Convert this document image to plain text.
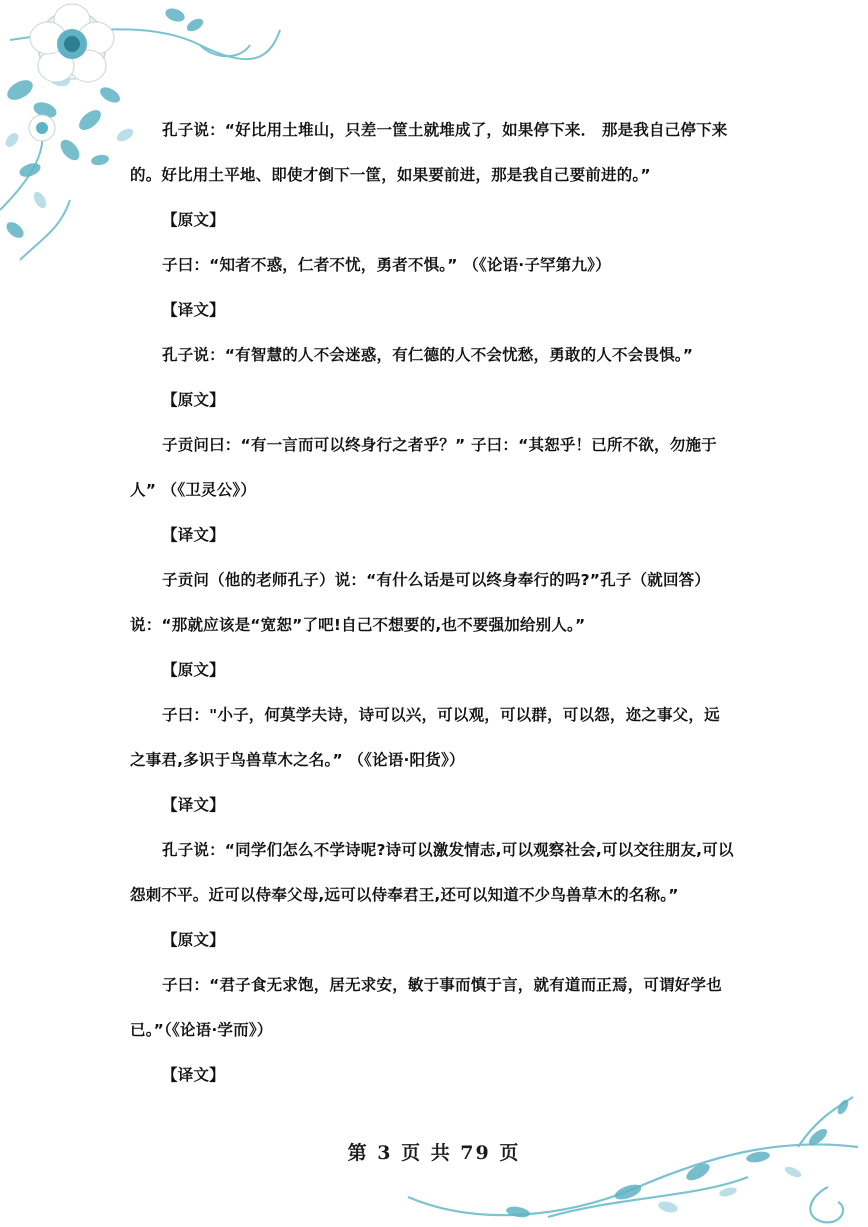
孔子说：“好比用土堆山，只差一筐土就堆成了，如果停下来． 那是我自己停下来的。好比用土平地、即使才倒下一筐，如果要前进，那是我自己要前进的。”

【原文】

子曰：“知者不惑，仁者不忧，勇者不惧。” （《论语·子罕第九》）

【译文】

孔子说：“有智慧的人不会迷惑，有仁德的人不会忧愁，勇敢的人不会畏惧。”

【原文】

子贡问曰：“有一言而可以终身行之者乎？” 子曰：“其恕乎！已所不欲，勿施于人” （《卫灵公》）

【译文】

子贡问（他的老师孔子）说：“有什么话是可以终身奉行的吗?”孔子（就回答）说：“那就应该是“宽恕”了吧!自己不想要的,也不要强加给别人。”

【原文】

子曰："小子，何莫学夫诗，诗可以兴，可以观，可以群，可以怨，迩之事父，远之事君,多识于鸟兽草木之名。” （《论语·阳货》）

【译文】

孔子说：“同学们怎么不学诗呢?诗可以激发情志,可以观察社会,可以交往朋友,可以怨刺不平。近可以侍奉父母,远可以侍奉君王,还可以知道不少鸟兽草木的名称。”

【原文】

子曰：“君子食无求饱，居无求安，敏于事而慎于言，就有道而正焉，可谓好学也已。”（《论语·学而》）

【译文】

第 3 页 共 79 页
